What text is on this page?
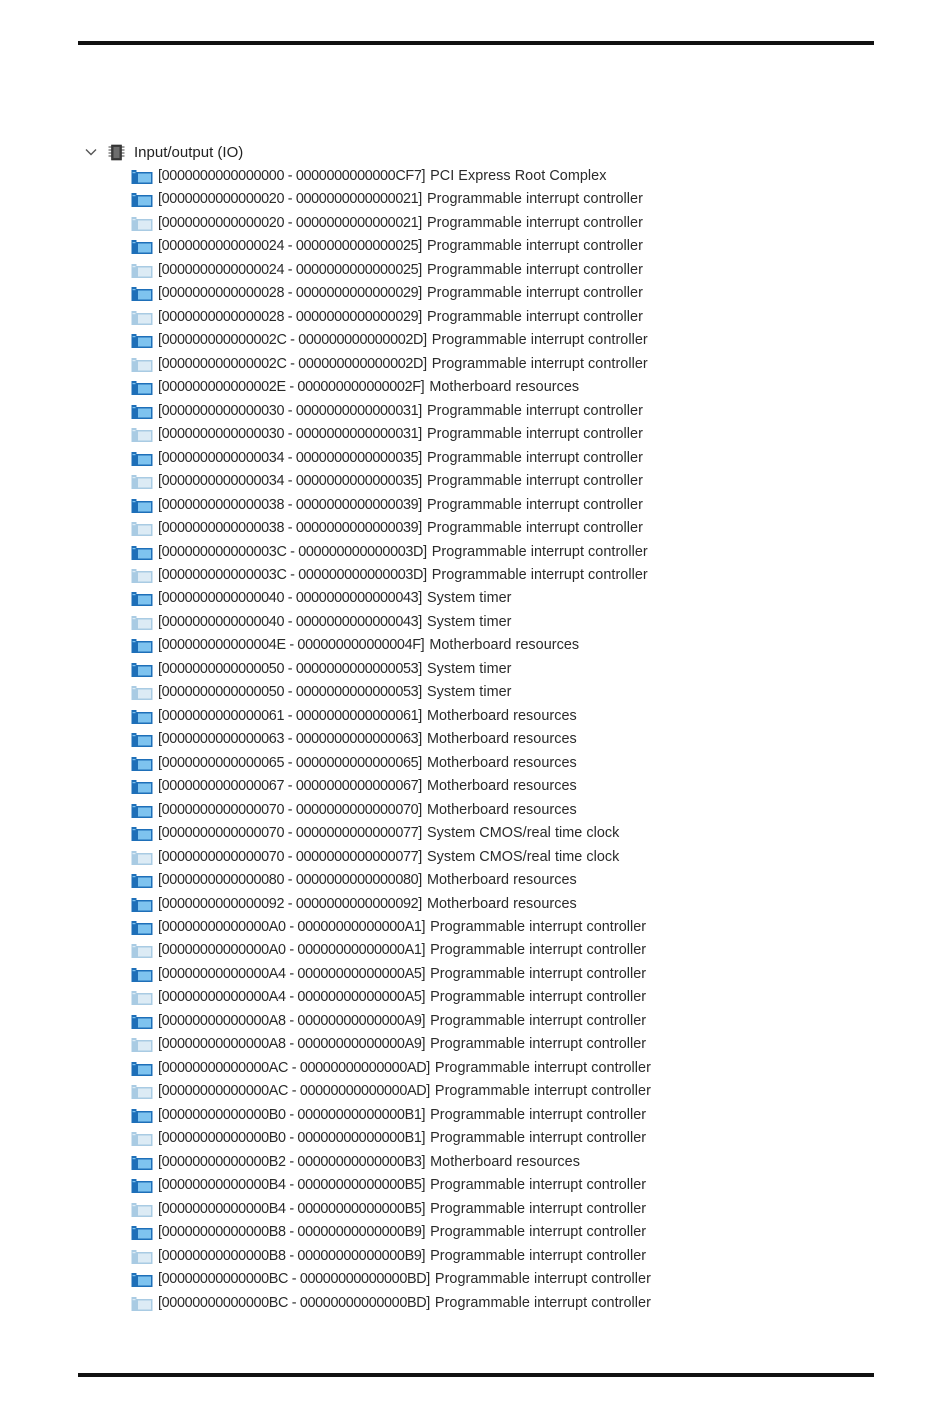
Input/output (IO)
[0000000000000000 - 0000000000000CF7] PCI Express Root Complex
[0000000000000020 - 0000000000000021] Programmable interrupt controller
[0000000000000020 - 0000000000000021] Programmable interrupt controller
[0000000000000024 - 0000000000000025] Programmable interrupt controller
[0000000000000024 - 0000000000000025] Programmable interrupt controller
[0000000000000028 - 0000000000000029] Programmable interrupt controller
[0000000000000028 - 0000000000000029] Programmable interrupt controller
[000000000000002C - 000000000000002D] Programmable interrupt controller
[000000000000002C - 000000000000002D] Programmable interrupt controller
[000000000000002E - 000000000000002F] Motherboard resources
[0000000000000030 - 0000000000000031] Programmable interrupt controller
[0000000000000030 - 0000000000000031] Programmable interrupt controller
[0000000000000034 - 0000000000000035] Programmable interrupt controller
[0000000000000034 - 0000000000000035] Programmable interrupt controller
[0000000000000038 - 0000000000000039] Programmable interrupt controller
[0000000000000038 - 0000000000000039] Programmable interrupt controller
[000000000000003C - 000000000000003D] Programmable interrupt controller
[000000000000003C - 000000000000003D] Programmable interrupt controller
[0000000000000040 - 0000000000000043] System timer
[0000000000000040 - 0000000000000043] System timer
[000000000000004E - 000000000000004F] Motherboard resources
[0000000000000050 - 0000000000000053] System timer
[0000000000000050 - 0000000000000053] System timer
[0000000000000061 - 0000000000000061] Motherboard resources
[0000000000000063 - 0000000000000063] Motherboard resources
[0000000000000065 - 0000000000000065] Motherboard resources
[0000000000000067 - 0000000000000067] Motherboard resources
[0000000000000070 - 0000000000000070] Motherboard resources
[0000000000000070 - 0000000000000077] System CMOS/real time clock
[0000000000000070 - 0000000000000077] System CMOS/real time clock
[0000000000000080 - 0000000000000080] Motherboard resources
[0000000000000092 - 0000000000000092] Motherboard resources
[00000000000000A0 - 00000000000000A1] Programmable interrupt controller
[00000000000000A0 - 00000000000000A1] Programmable interrupt controller
[00000000000000A4 - 00000000000000A5] Programmable interrupt controller
[00000000000000A4 - 00000000000000A5] Programmable interrupt controller
[00000000000000A8 - 00000000000000A9] Programmable interrupt controller
[00000000000000A8 - 00000000000000A9] Programmable interrupt controller
[00000000000000AC - 00000000000000AD] Programmable interrupt controller
[00000000000000AC - 00000000000000AD] Programmable interrupt controller
[00000000000000B0 - 00000000000000B1] Programmable interrupt controller
[00000000000000B0 - 00000000000000B1] Programmable interrupt controller
[00000000000000B2 - 00000000000000B3] Motherboard resources
[00000000000000B4 - 00000000000000B5] Programmable interrupt controller
[00000000000000B4 - 00000000000000B5] Programmable interrupt controller
[00000000000000B8 - 00000000000000B9] Programmable interrupt controller
[00000000000000B8 - 00000000000000B9] Programmable interrupt controller
[00000000000000BC - 00000000000000BD] Programmable interrupt controller
[00000000000000BC - 00000000000000BD] Programmable interrupt controller
